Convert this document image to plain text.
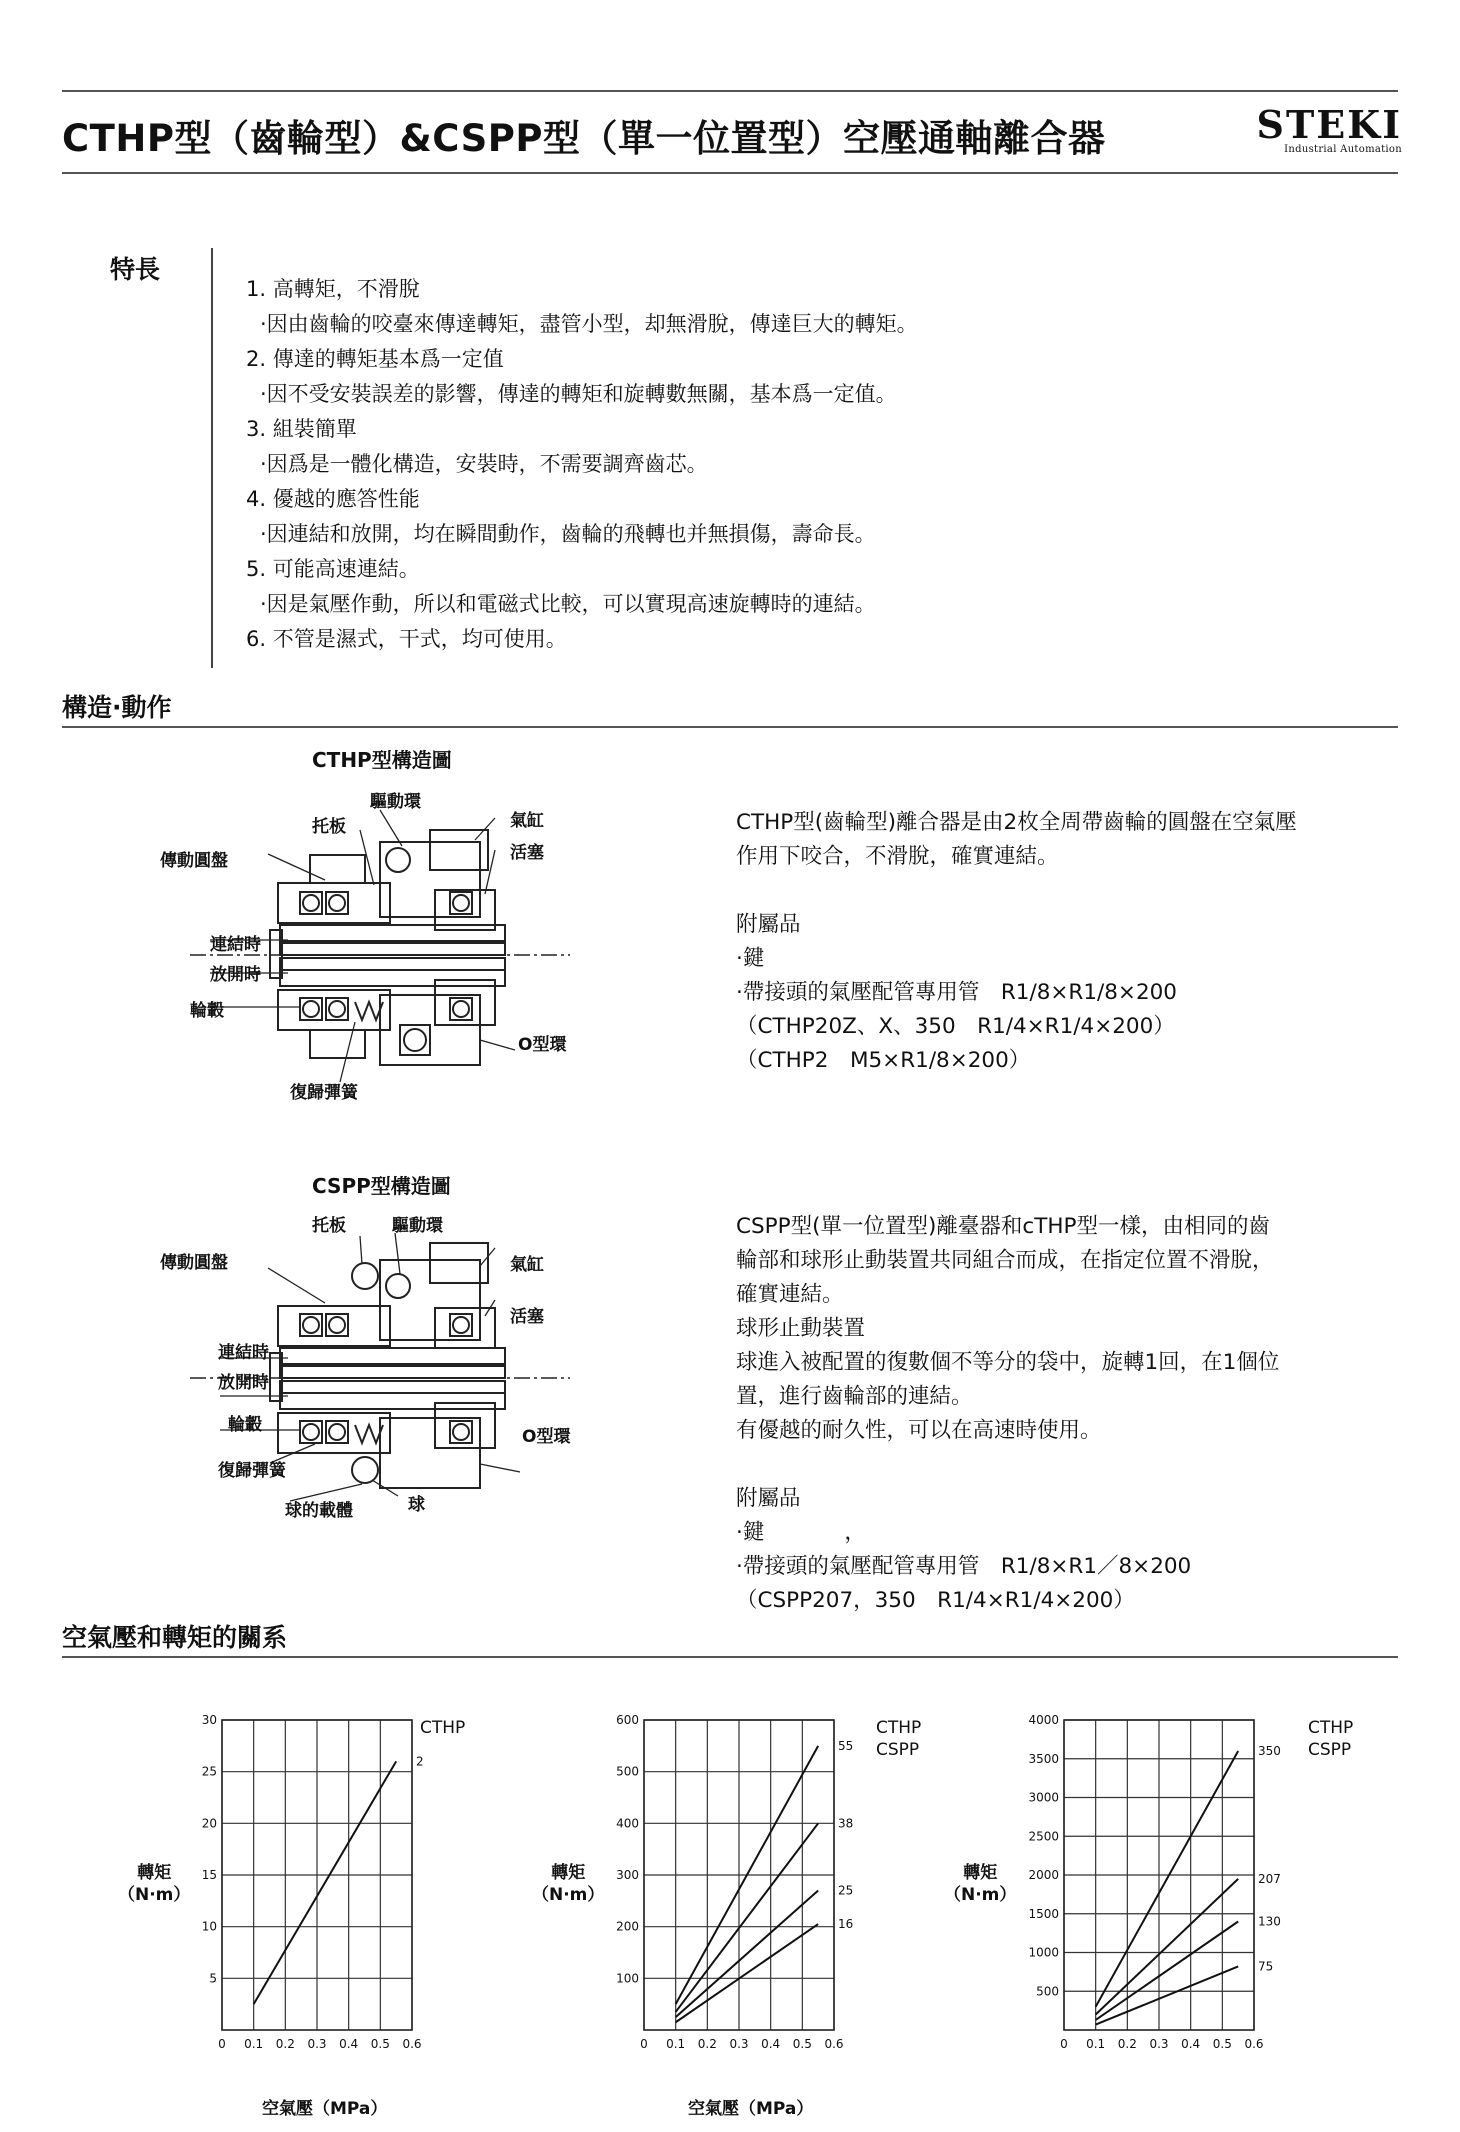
CTHP型（齒輪型）&CSPP型（單一位置型）空壓通軸離合器	STEKI
Industrial Automation
特長
1. 高轉矩，不滑脫
·因由齒輪的咬臺來傳達轉矩，盡管小型，却無滑脫，傳達巨大的轉矩。
2. 傳達的轉矩基本爲一定值
·因不受安裝誤差的影響，傳達的轉矩和旋轉數無關，基本爲一定值。
3. 組裝簡單
·因爲是一體化構造，安裝時，不需要調齊齒芯。
4. 優越的應答性能
·因連結和放開，均在瞬間動作，齒輪的飛轉也并無損傷，壽命長。
5. 可能高速連結。
·因是氣壓作動，所以和電磁式比較，可以實現高速旋轉時的連結。
6. 不管是濕式，干式，均可使用。
構造·動作
CTHP型構造圖
驅動環
托板	氣缸
活塞
傳動圓盤
連結時
放開時
輪轂
O型環
復歸彈簧
CTHP型(齒輪型)離合器是由2枚全周帶齒輪的圓盤在空氣壓
作用下咬合，不滑脫，確實連結。
附屬品
·鍵
·帶接頭的氣壓配管專用管　R1/8×R1/8×200
（CTHP20Z、X、350　R1/4×R1/4×200）
（CTHP2　M5×R1/8×200）
CSPP型構造圖
托板	驅動環
傳動圓盤	氣缸
活塞
連結時
放開時
輪轂
O型環
復歸彈簧
球的載體	球
CSPP型(單一位置型)離臺器和cTHP型一樣，由相同的齒
輪部和球形止動裝置共同組合而成，在指定位置不滑脫，
確實連結。
球形止動裝置
球進入被配置的復數個不等分的袋中，旋轉1回，在1個位
置，進行齒輪部的連結。
有優越的耐久性，可以在高速時使用。
附屬品
·鍵	，
·帶接頭的氣壓配管專用管　R1/8×R1／8×200
（CSPP207，350　R1/4×R1/4×200）
空氣壓和轉矩的關系
轉矩
（N·m）
5
10
15
20
25
30
0 0.1 0.2 0.3 0.4 0.5 0.6
2
CTHP
空氣壓（MPa）
轉矩
（N·m）
100
200
300
400
500
600
0 0.1 0.2 0.3 0.4 0.5 0.6
55
38
25
16
CTHP
CSPP
空氣壓（MPa）
轉矩
（N·m）
500
1000
1500
2000
2500
3000
3500
4000
0 0.1 0.2 0.3 0.4 0.5 0.6
350
207
130
75
CTHP
CSPP
